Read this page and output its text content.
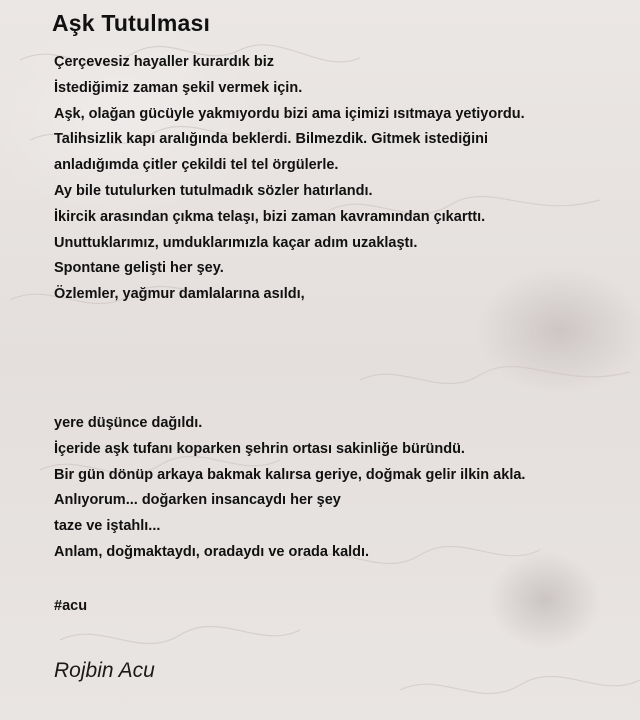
Aşk Tutulması
Çerçevesiz hayaller kurardık biz
İstediğimiz zaman şekil vermek için.
Aşk, olağan gücüyle yakmıyordu bizi ama içimizi ısıtmaya yetiyordu.
Talihsizlik kapı aralığında beklerdi. Bilmezdik. Gitmek istediğini
anladığımda çitler çekildi tel tel örgülerle.
Ay bile tutulurken tutulmadık sözler hatırlandı.
İkircik arasından çıkma telaşı, bizi zaman kavramından çıkarttı.
Unuttuklarımız, umduklarımızla kaçar adım uzaklaştı.
Spontane gelişti her şey.
Özlemler, yağmur damlalarına asıldı,
yere düşünce dağıldı.
İçeride aşk tufanı koparken şehrin ortası sakinliğe büründü.
Bir gün dönüp arkaya bakmak kalırsa geriye, doğmak gelir ilkin akla.
Anlıyorum... doğarken insancaydı her şey
taze ve iştahlı...
Anlam, doğmaktaydı, oradaydı ve orada kaldı.
#acu
Rojbin Acu
